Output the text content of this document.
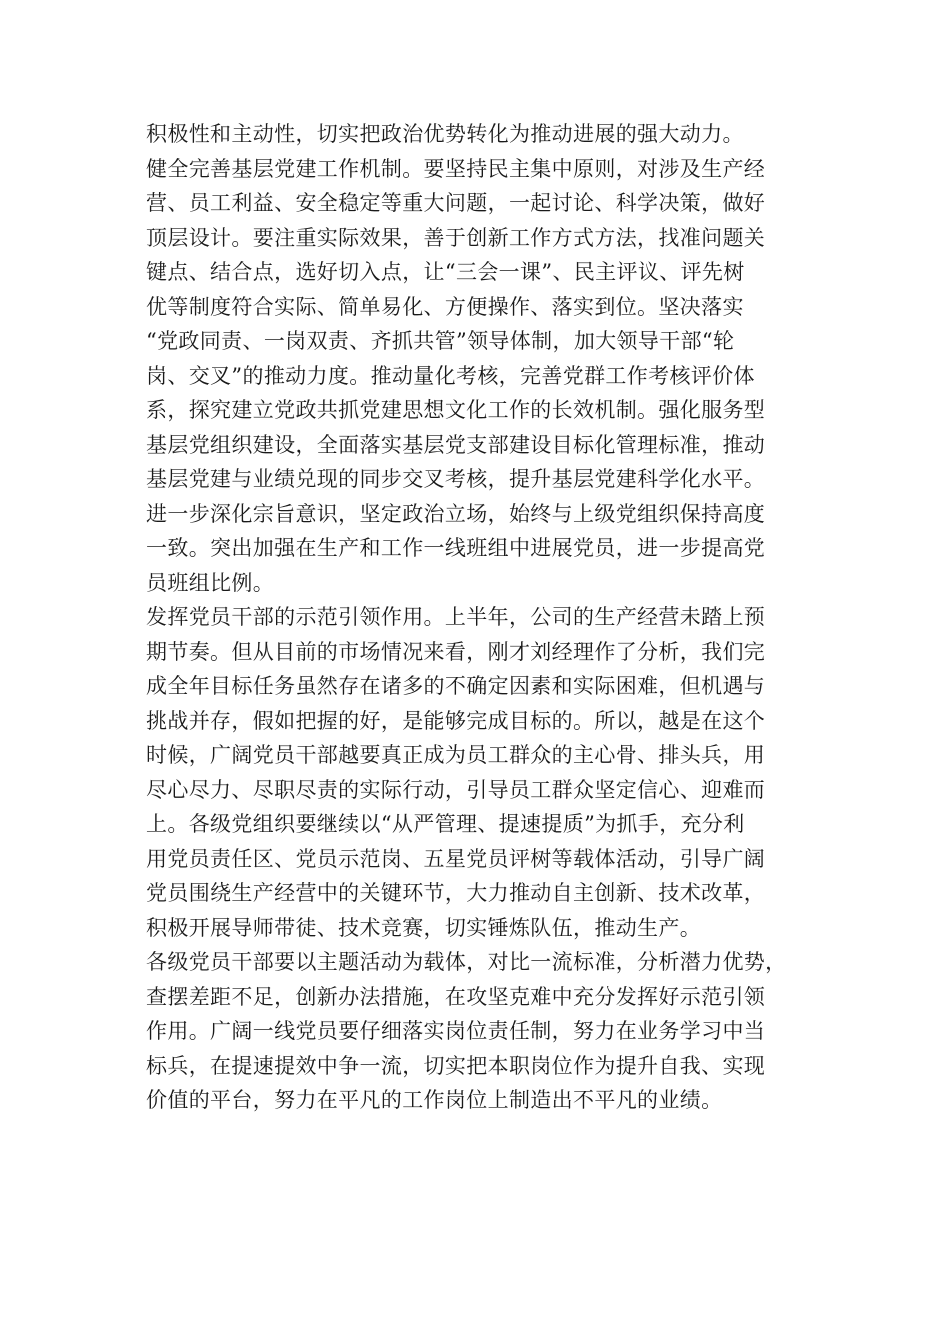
积极性和主动性，切实把政治优势转化为推动进展的强大动力。
健全完善基层党建工作机制。要坚持民主集中原则，对涉及生产经
营、员工利益、安全稳定等重大问题，一起讨论、科学决策，做好
顶层设计。要注重实际效果，善于创新工作方式方法，找准问题关
键点、结合点，选好切入点，让“三会一课”、民主评议、评先树
优等制度符合实际、简单易化、方便操作、落实到位。坚决落实
“党政同责、一岗双责、齐抓共管”领导体制，加大领导干部“轮
岗、交叉”的推动力度。推动量化考核，完善党群工作考核评价体
系，探究建立党政共抓党建思想文化工作的长效机制。强化服务型
基层党组织建设，全面落实基层党支部建设目标化管理标准，推动
基层党建与业绩兑现的同步交叉考核，提升基层党建科学化水平。
进一步深化宗旨意识，坚定政治立场，始终与上级党组织保持高度
一致。突出加强在生产和工作一线班组中进展党员，进一步提高党
员班组比例。
发挥党员干部的示范引领作用。上半年，公司的生产经营未踏上预
期节奏。但从目前的市场情况来看，刚才刘经理作了分析，我们完
成全年目标任务虽然存在诸多的不确定因素和实际困难，但机遇与
挑战并存，假如把握的好，是能够完成目标的。所以，越是在这个
时候，广阔党员干部越要真正成为员工群众的主心骨、排头兵，用
尽心尽力、尽职尽责的实际行动，引导员工群众坚定信心、迎难而
上。各级党组织要继续以“从严管理、提速提质”为抓手，充分利
用党员责任区、党员示范岗、五星党员评树等载体活动，引导广阔
党员围绕生产经营中的关键环节，大力推动自主创新、技术改革，
积极开展导师带徒、技术竞赛，切实锤炼队伍，推动生产。
各级党员干部要以主题活动为载体，对比一流标准，分析潜力优势，
查摆差距不足，创新办法措施，在攻坚克难中充分发挥好示范引领
作用。广阔一线党员要仔细落实岗位责任制，努力在业务学习中当
标兵，在提速提效中争一流，切实把本职岗位作为提升自我、实现
价值的平台，努力在平凡的工作岗位上制造出不平凡的业绩。
